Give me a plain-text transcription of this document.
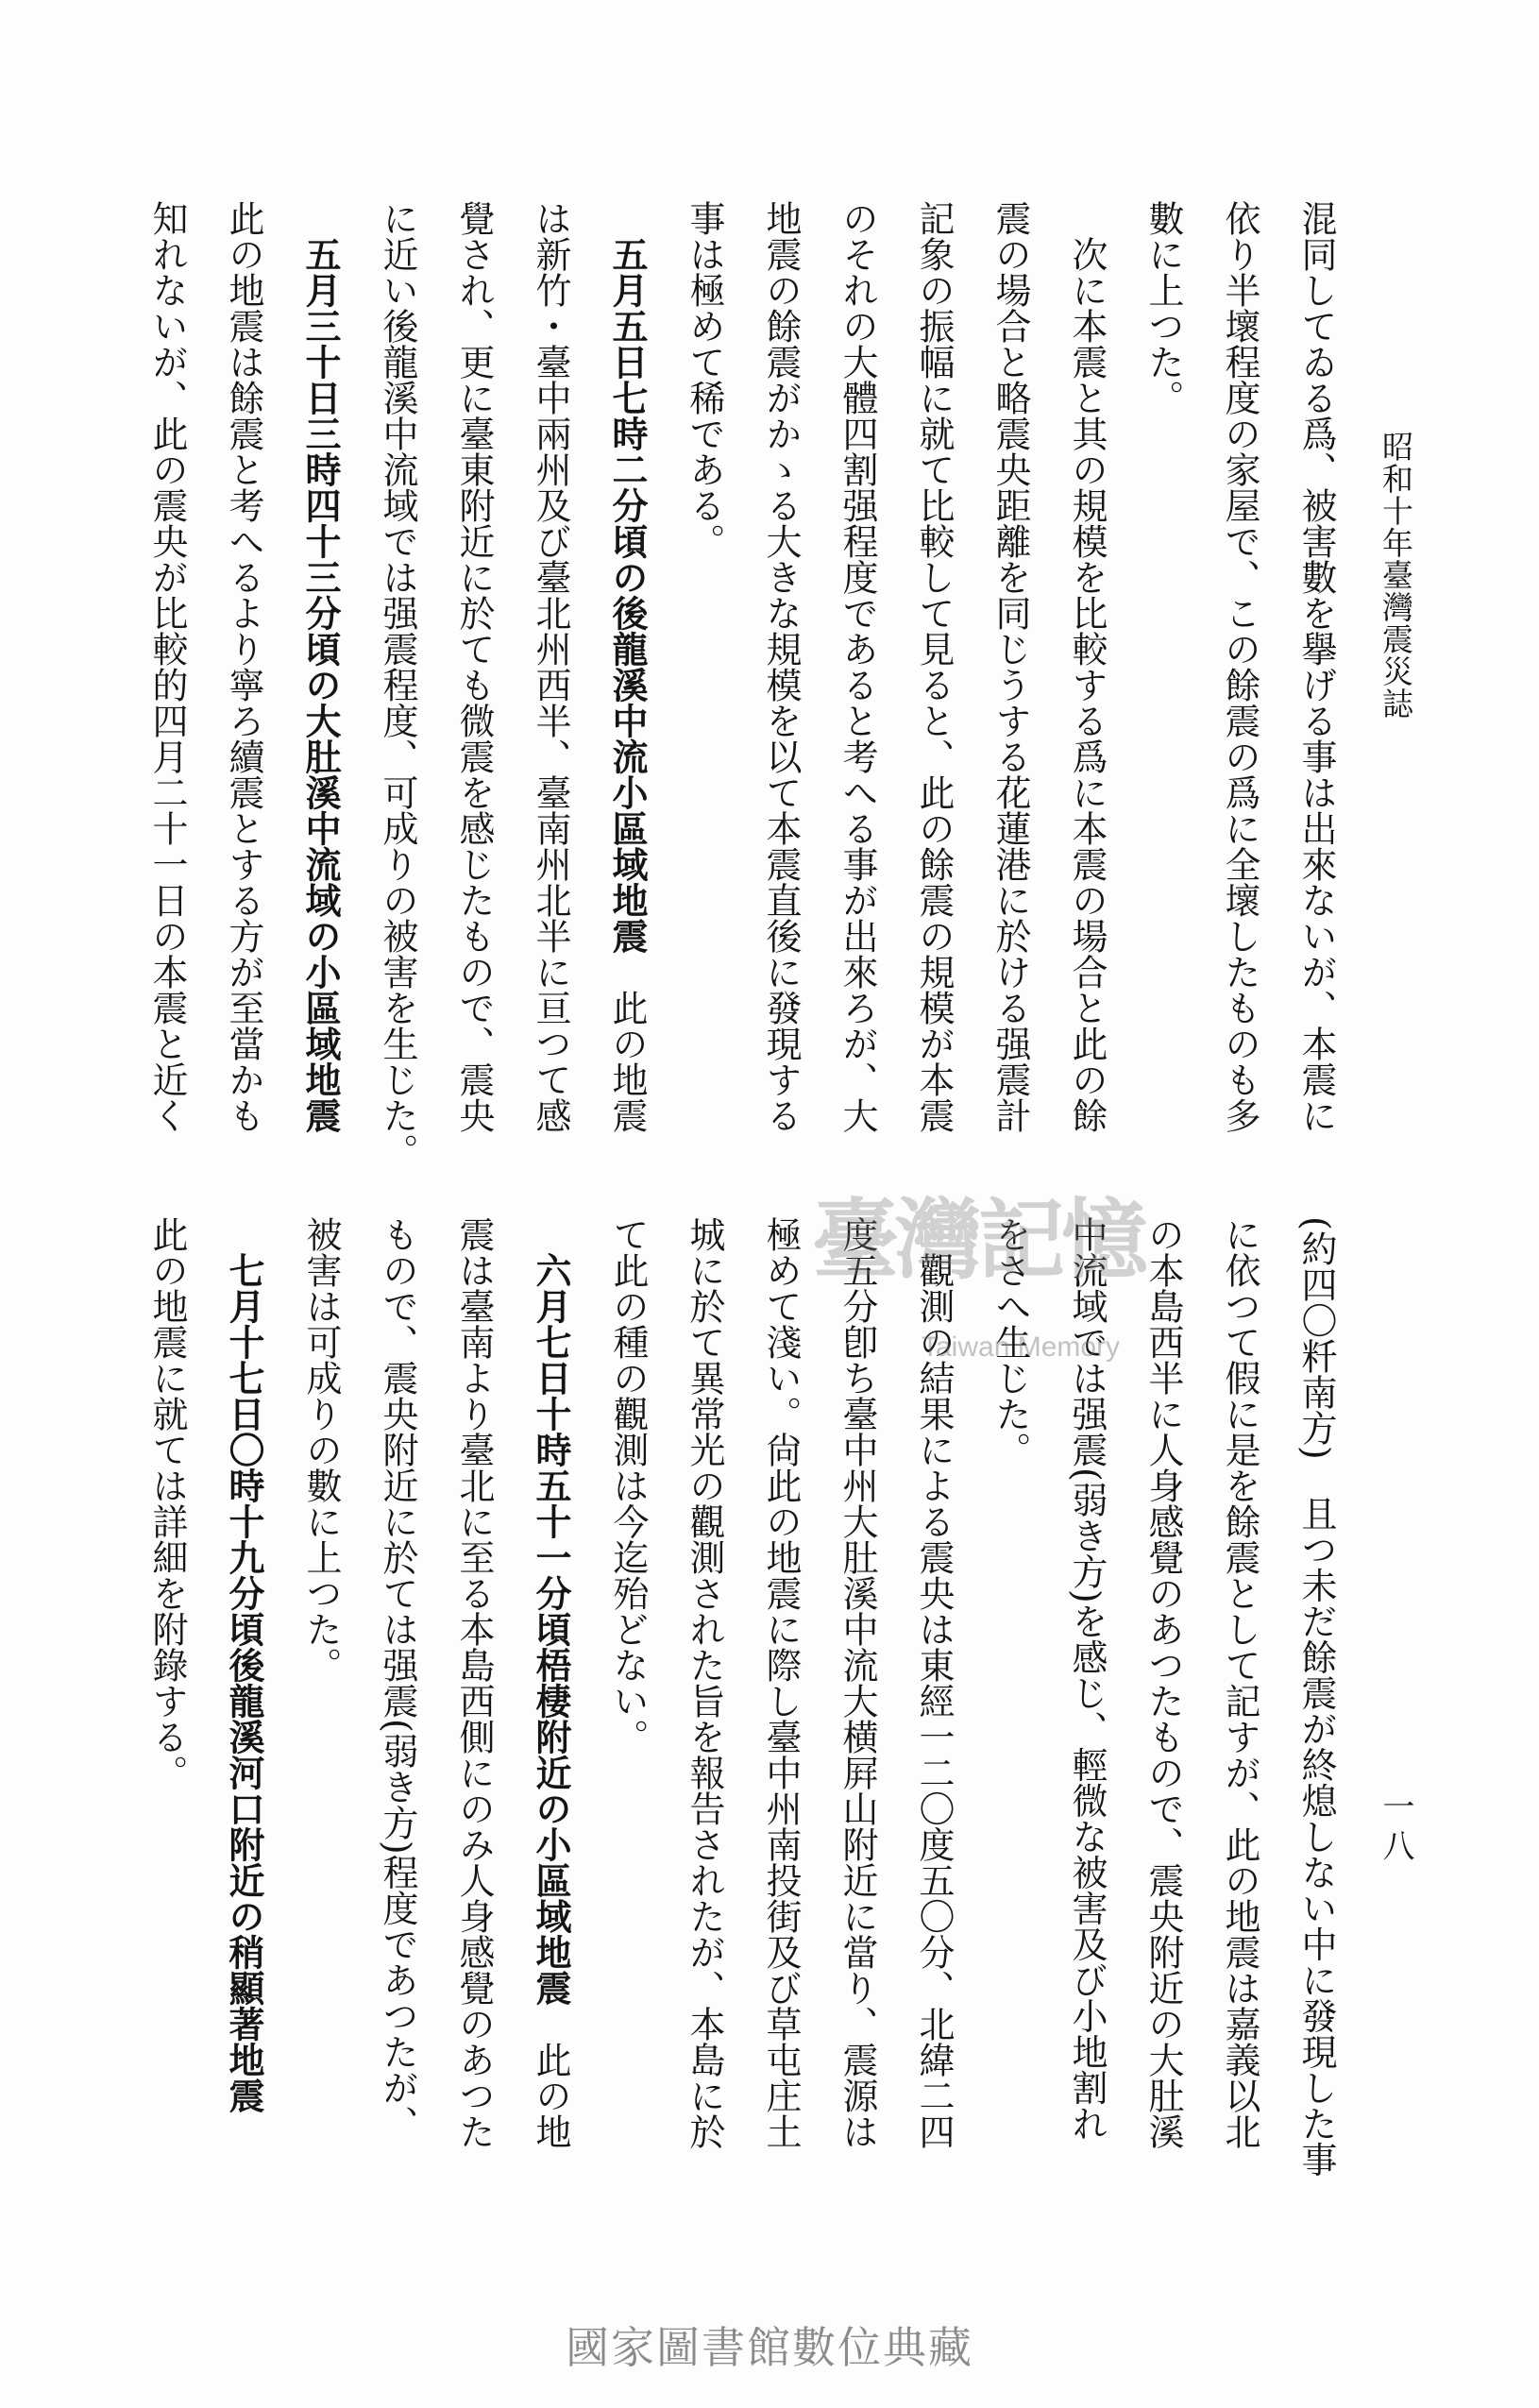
昭和十年臺灣震災誌
一八
混同してゐる爲、被害數を擧げる事は出來ないが、本震に
依り半壞程度の家屋で、この餘震の爲に全壞したものも多
數に上つた。
次に本震と其の規模を比較する爲に本震の場合と此の餘
震の場合と略震央距離を同じうする花蓮港に於ける强震計
記象の振幅に就て比較して見ると、此の餘震の規模が本震
のそれの大體四割强程度であると考へる事が出來ろが、大
地震の餘震がかゝる大きな規模を以て本震直後に發現する
事は極めて稀である。
五月五日七時二分頃の後龍溪中流小區域地震　此の地震
は新竹・臺中兩州及び臺北州西半、臺南州北半に亘つて感
覺され、更に臺東附近に於ても微震を感じたもので、震央
に近い後龍溪中流域では强震程度、可成りの被害を生じた。
五月三十日三時四十三分頃の大肚溪中流域の小區域地震
此の地震は餘震と考へるより寧ろ續震とする方が至當かも
知れないが、此の震央が比較的四月二十一日の本震と近く
(約四〇粁南方)　且つ未だ餘震が終熄しない中に發現した事
に依つて假に是を餘震として記すが、此の地震は嘉義以北
の本島西半に人身感覺のあつたもので、震央附近の大肚溪
中流域では强震(弱き方)を感じ、輕微な被害及び小地割れ
をさへ生じた。
觀測の結果による震央は東經一二〇度五〇分、北緯二四
度五分卽ち臺中州大肚溪中流大横屛山附近に當り、震源は
極めて淺い。尙此の地震に際し臺中州南投街及び草屯庄土
城に於て異常光の觀測された旨を報告されたが、本島に於
て此の種の觀測は今迄殆どない。
六月七日十時五十一分頃梧棲附近の小區域地震　此の地
震は臺南より臺北に至る本島西側にのみ人身感覺のあつた
もので、震央附近に於ては强震(弱き方)程度であつたが、
被害は可成りの數に上つた。
七月十七日〇時十九分頃後龍溪河口附近の稍顯著地震
此の地震に就ては詳細を附錄する。	臺灣記憶
Taiwan Memory
國家圖書館數位典藏
